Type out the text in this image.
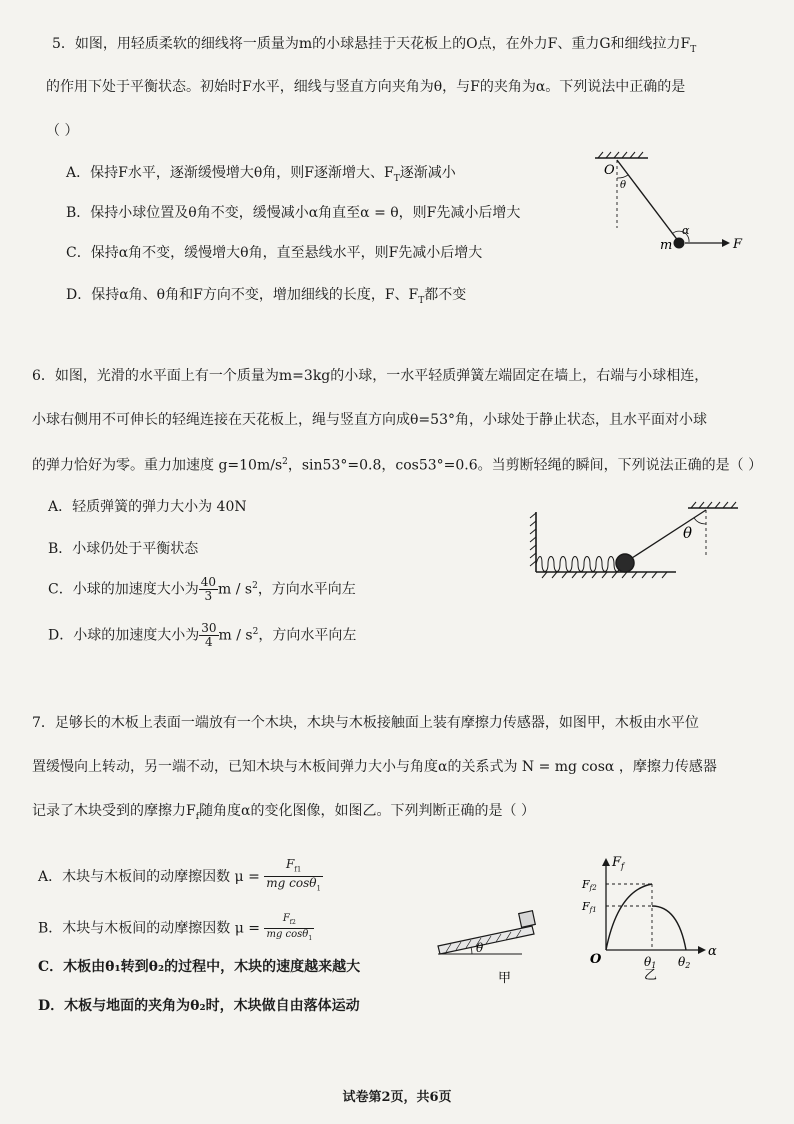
5．如图，用轻质柔软的细线将一质量为m的小球悬挂于天花板上的O点，在外力F、重力G和细线拉力$F_T$
的作用下处于平衡状态。初始时F水平，细线与竖直方向夹角为θ，与F的夹角为α。下列说法中正确的是
（ ）
A．保持F水平，逐渐缓慢增大θ角，则F逐渐增大、$F_T$逐渐减小
B．保持小球位置及θ角不变，缓慢减小α角直至α = θ，则F先减小后增大
C．保持α角不变，缓慢增大θ角，直至悬线水平，则F先减小后增大
D．保持α角、θ角和F方向不变，增加细线的长度，F、$F_T$都不变
O
θ
α
m	F
6．如图，光滑的水平面上有一个质量为m=3kg的小球，一水平轻质弹簧左端固定在墙上，右端与小球相连，
小球右侧用不可伸长的轻绳连接在天花板上，绳与竖直方向成θ=53°角，小球处于静止状态，且水平面对小球
的弹力恰好为零。重力加速度 $g=10m/s^2$，sin53°=0.8，cos53°=0.6。当剪断轻绳的瞬间，下列说法正确的是（ ）
A．轻质弹簧的弹力大小为 40N
B．小球仍处于平衡状态
C．小球的加速度大小为 $\frac{40}{3}$ m / $s^2$，方向水平向左
D．小球的加速度大小为 $\frac{30}{4}$ m / $s^2$，方向水平向左
θ
7．足够长的木板上表面一端放有一个木块，木块与木板接触面上装有摩擦力传感器，如图甲，木板由水平位
置缓慢向上转动，另一端不动，已知木块与木板间弹力大小与角度α的关系式为 N = mg cosα ，摩擦力传感器
记录了木块受到的摩擦力$F_f$随角度α的变化图像，如图乙。下列判断正确的是（ ）
A．木块与木板间的动摩擦因数 $\mu = \frac{F_{f1}}{mg \cos\theta_1}$
B．木块与木板间的动摩擦因数 $\mu = \frac{F_{f2}}{mg \cos\theta_1}$
C．木板由θ₁转到θ₂的过程中，木块的速度越来越大
D．木板与地面的夹角为θ₂时，木块做自由落体运动
θ
甲
$F_f$
Ff2
Ff1
O	θ1 θ2
α
乙
试卷第2页，共6页
